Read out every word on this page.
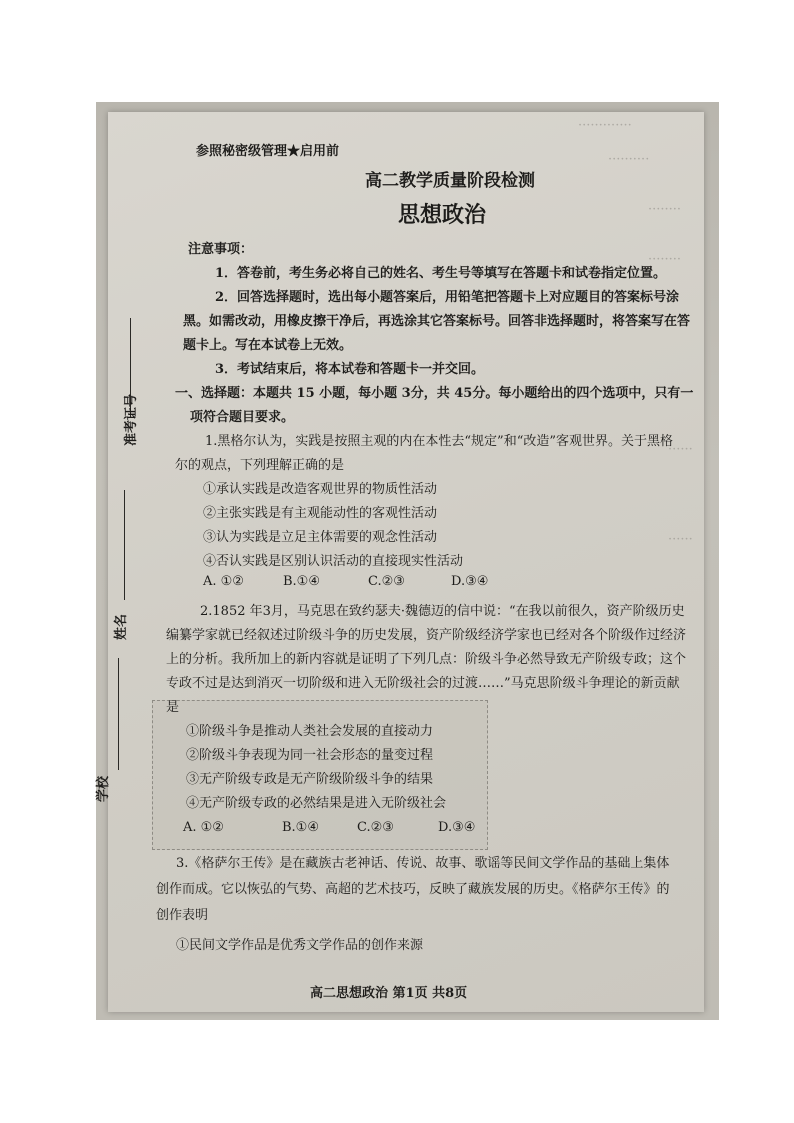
·············
··········
········
········
······
······
参照秘密级管理★启用前
高二教学质量阶段检测
思想政治
注意事项：
1．答卷前，考生务必将自己的姓名、考生号等填写在答题卡和试卷指定位置。
2．回答选择题时，选出每小题答案后，用铅笔把答题卡上对应题目的答案标号涂
黑。如需改动，用橡皮擦干净后，再选涂其它答案标号。回答非选择题时，将答案写在答
题卡上。写在本试卷上无效。
3．考试结束后，将本试卷和答题卡一并交回。
一、选择题：本题共 15 小题，每小题 3分，共 45分。每小题给出的四个选项中，只有一
项符合题目要求。
1.黑格尔认为，实践是按照主观的内在本性去“规定”和“改造”客观世界。关于黑格
尔的观点，下列理解正确的是
①承认实践是改造客观世界的物质性活动
②主张实践是有主观能动性的客观性活动
③认为实践是立足主体需要的观念性活动
④否认实践是区别认识活动的直接现实性活动
A. ①②	B.①④	C.②③	D.③④
2.1852 年3月，马克思在致约瑟夫·魏德迈的信中说：“在我以前很久，资产阶级历史
编纂学家就已经叙述过阶级斗争的历史发展，资产阶级经济学家也已经对各个阶级作过经济
上的分析。我所加上的新内容就是证明了下列几点：阶级斗争必然导致无产阶级专政；这个
专政不过是达到消灭一切阶级和进入无阶级社会的过渡……”马克思阶级斗争理论的新贡献
是
①阶级斗争是推动人类社会发展的直接动力
②阶级斗争表现为同一社会形态的量变过程
③无产阶级专政是无产阶级阶级斗争的结果
④无产阶级专政的必然结果是进入无阶级社会
A. ①②	B.①④	C.②③	D.③④
3.《格萨尔王传》是在藏族古老神话、传说、故事、歌谣等民间文学作品的基础上集体
创作而成。它以恢弘的气势、高超的艺术技巧，反映了藏族发展的历史。《格萨尔王传》的
创作表明
①民间文学作品是优秀文学作品的创作来源
高二思想政治 第1页 共8页
准考证号
姓名
学校
